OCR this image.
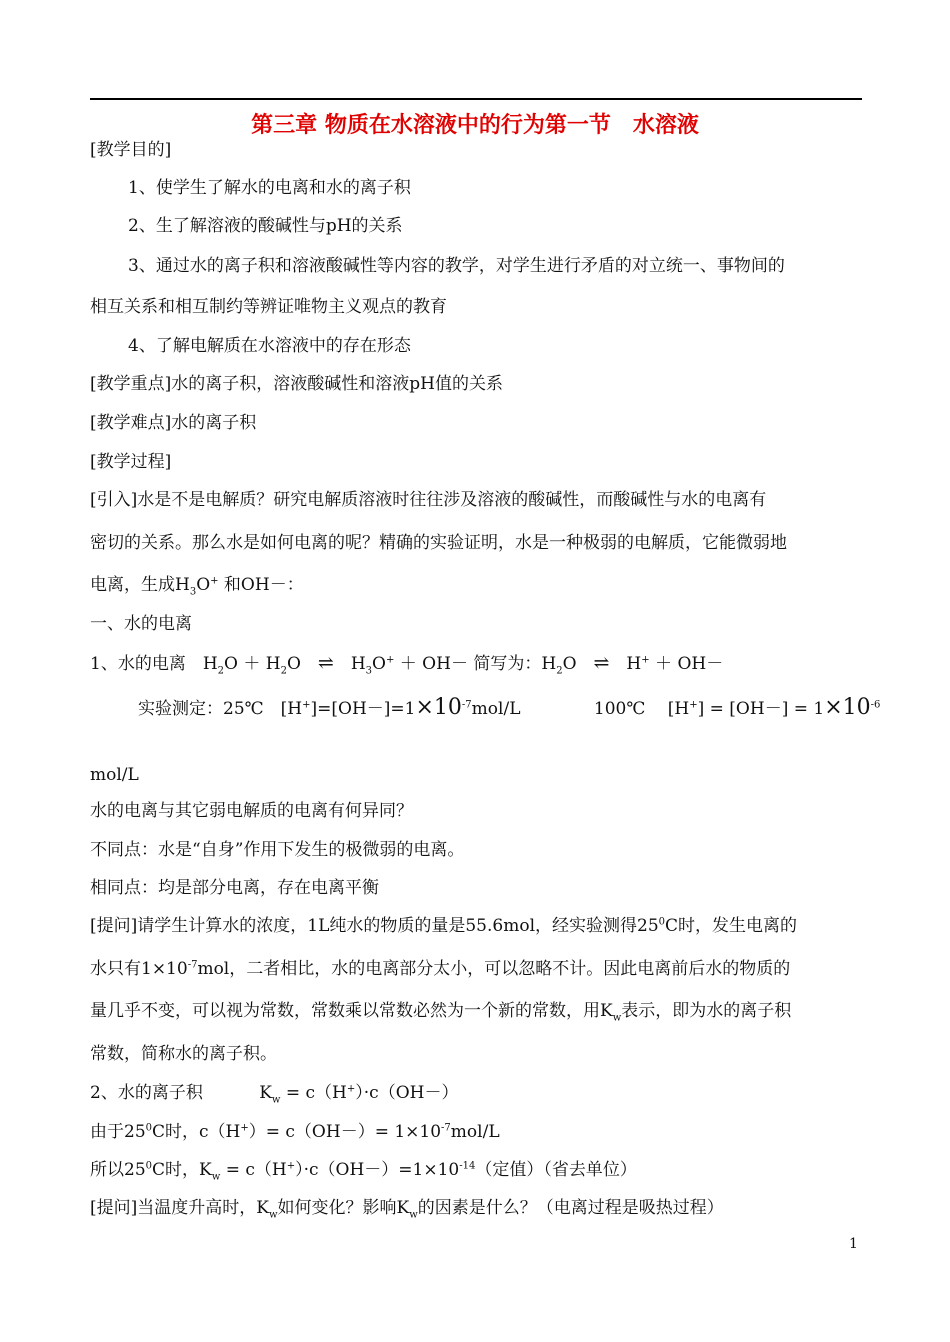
第三章 物质在水溶液中的行为第一节　水溶液
[教学目的]
1、使学生了解水的电离和水的离子积
2、生了解溶液的酸碱性与pH的关系
3、通过水的离子积和溶液酸碱性等内容的教学，对学生进行矛盾的对立统一、事物间的
相互关系和相互制约等辨证唯物主义观点的教育
4、了解电解质在水溶液中的存在形态
[教学重点]水的离子积，溶液酸碱性和溶液pH值的关系
[教学难点]水的离子积
[教学过程]
[引入]水是不是电解质？研究电解质溶液时往往涉及溶液的酸碱性，而酸碱性与水的电离有
密切的关系。那么水是如何电离的呢？精确的实验证明，水是一种极弱的电解质，它能微弱地
电离，生成$H_3O^+$ 和OH－：
一、水的电离
1、水的电离　$H_2O + H_2O$　 ⇌　 $H_3O^+ + OH-$ 简写为：$H_2O$　 ⇌　 H+ ＋ OH－
实验测定：25℃　$[H^+]=[OH-]=1\times 10^{-7}mol/L$　　　　	100℃　 $[H^+] = [OH-] = 1\times 10^{-6}$
mol/L
水的电离与其它弱电解质的电离有何异同？
不同点：水是“自身”作用下发生的极微弱的电离。
相同点：均是部分电离，存在电离平衡
[提问]请学生计算水的浓度，1L纯水的物质的量是55.6mol，经实验测得$25^0C$时，发生电离的
水只有$1\times 10^{-7}mol$，二者相比，水的电离部分太小，可以忽略不计。因此电离前后水的物质的
量几乎不变，可以视为常数，常数乘以常数必然为一个新的常数，用$K_w$表示，即为水的离子积
常数，简称水的离子积。
2、水的离子积　　　 $K_w = c(H^+)\cdot c(OH-)$
由于$25^0C$时，$c(H^+)= c(OH-)= 1\times 10^{-7}mol/L$
所以$25^0C$时，$K_w = c(H^+)\cdot c(OH-)=1\times 10^{-14}$（定值）（省去单位）
[提问]当温度升高时，$K_w$如何变化？影响$K_w$的因素是什么？（电离过程是吸热过程）
1
